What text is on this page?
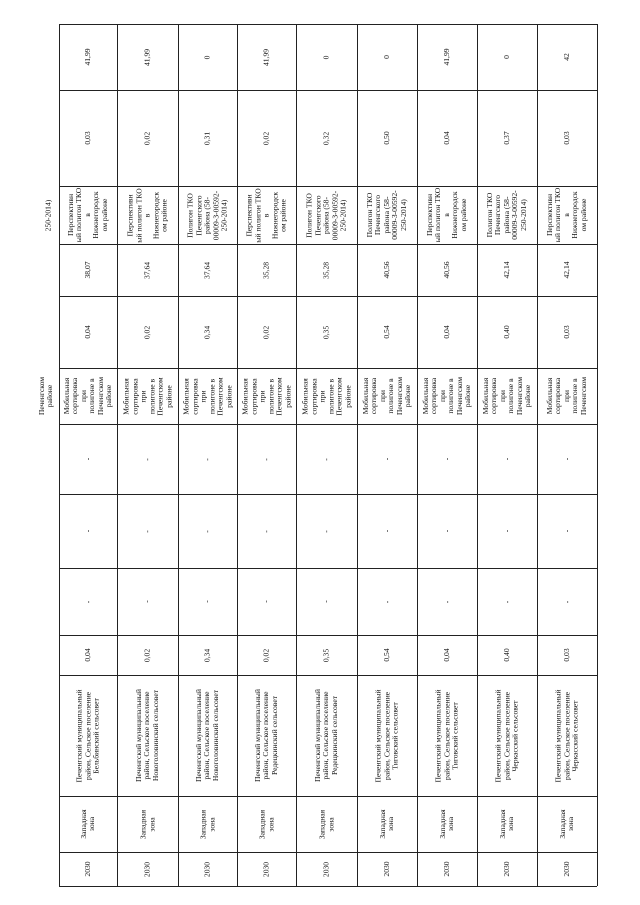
2030
Западная
зона
Печенгский муниципальный
район, Сельское поселение
Бельбинский сельсовет
0,04
-
-
-
Мобильная
сортировка
при
полигоне в
Печенгском
районе
0,04
38,07
Перспективн
ый полигон ТКО
в
Нижнегородск
ом районе
0,03
41,99
2030
Западная
зона
Печенгский муниципальный
район, Сельское поселение
Новоголовинский сельсовет
0,02
-
-
-
Мобильная
сортировка
при
полигоне в
Печенгском
районе
0,02
37,64
Перспективн
ый полигон ТКО
в
Нижнегородск
ом районе
0,02
41,99
2030
Западная
зона
Печенгский муниципальный
район, Сельское поселение
Новоголовинский сельсовет
0,34
-
-
-
Мобильная
сортировка
при
полигоне в
Печенгском
районе
0,34
37,64
Полигон ТКО
Печенгского
района (58-
00009-З-00592-
250-2014)
0,31
0
2030
Западная
зона
Печенгский муниципальный
район, Сельское поселение
Редецкинский сельсовет
0,02
-
-
-
Мобильная
сортировка
при
полигоне в
Печенгском
районе
0,02
35,28
Перспективн
ый полигон ТКО
в
Нижнегородск
ом районе
0,02
41,99
2030
Западная
зона
Печенгский муниципальный
район, Сельское поселение
Редецкинский сельсовет
0,35
-
-
-
Мобильная
сортировка
при
полигоне в
Печенгском
районе
0,35
35,28
Полигон ТКО
Печенгского
района (58-
00009-З-00592-
250-2014)
0,32
0
2030
Западная
зона
Печенгский муниципальный
район, Сельское поселение
Тиговский сельсовет
0,54
-
-
-
Мобильная
сортировка
при
полигоне в
Печенгском
районе
0,54
40,56
Полигон ТКО
Печенгского
района (58-
00009-З-00592-
250-2014)
0,50
0
2030
Западная
зона
Печенгский муниципальный
район, Сельское поселение
Тиговский сельсовет
0,04
-
-
-
Мобильная
сортировка
при
полигоне в
Печенгском
районе
0,04
40,56
Перспективн
ый полигон ТКО
в
Нижнегородск
ом районе
0,04
41,99
2030
Западная
зона
Печенгский муниципальный
район, Сельское поселение
Черкасский сельсовет
0,40
-
-
-
Мобильная
сортировка
при
полигоне в
Печенгском
районе
0,40
42,14
Полигон ТКО
Печенгского
района (58-
00009-З-00592-
250-2014)
0,37
0
2030
Западная
зона
Печенгский муниципальный
район, Сельское поселение
Черкасский сельсовет
0,03
-
-
-
Мобильная
сортировка
при
полигоне в
Печенгском
0,03
42,14
Перспективн
ый полигон ТКО
в
Нижнегородск
ом районе
0,03
42
Печенгском
районе
250-2014)
